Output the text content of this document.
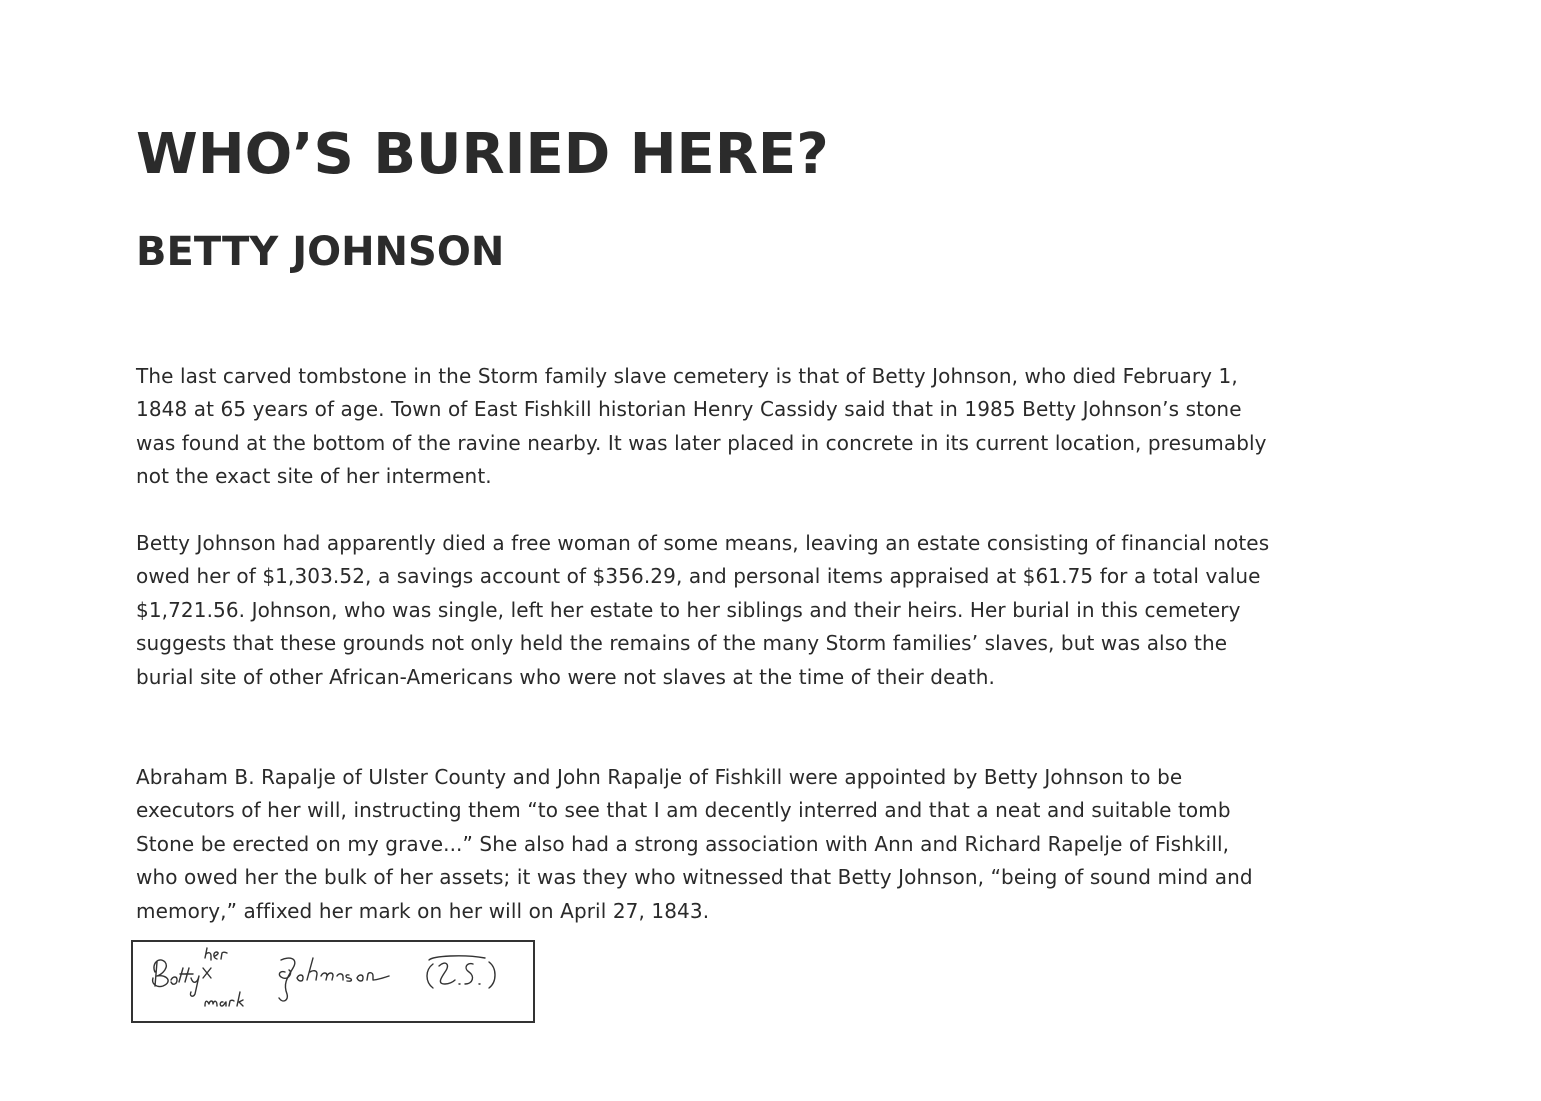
WHO’S BURIED HERE?
BETTY JOHNSON

The last carved tombstone in the Storm family slave cemetery is that of Betty Johnson, who died February 1, 1848 at 65 years of age. Town of East Fishkill historian Henry Cassidy said that in 1985 Betty Johnson’s stone was found at the bottom of the ravine nearby. It was later placed in concrete in its current location, presumably not the exact site of her interment.

Betty Johnson had apparently died a free woman of some means, leaving an estate consisting of financial notes owed her of $1,303.52, a savings account of $356.29, and personal items appraised at $61.75 for a total value $1,721.56. Johnson, who was single, left her estate to her siblings and their heirs. Her burial in this cemetery suggests that these grounds not only held the remains of the many Storm families’ slaves, but was also the burial site of other African-Americans who were not slaves at the time of their death.

Abraham B. Rapalje of Ulster County and John Rapalje of Fishkill were appointed by Betty Johnson to be executors of her will, instructing them “to see that I am decently interred and that a neat and suitable tomb Stone be erected on my grave...” She also had a strong association with Ann and Richard Rapelje of Fishkill, who owed her the bulk of her assets; it was they who witnessed that Betty Johnson, “being of sound mind and memory,” affixed her mark on her will on April 27, 1843.
